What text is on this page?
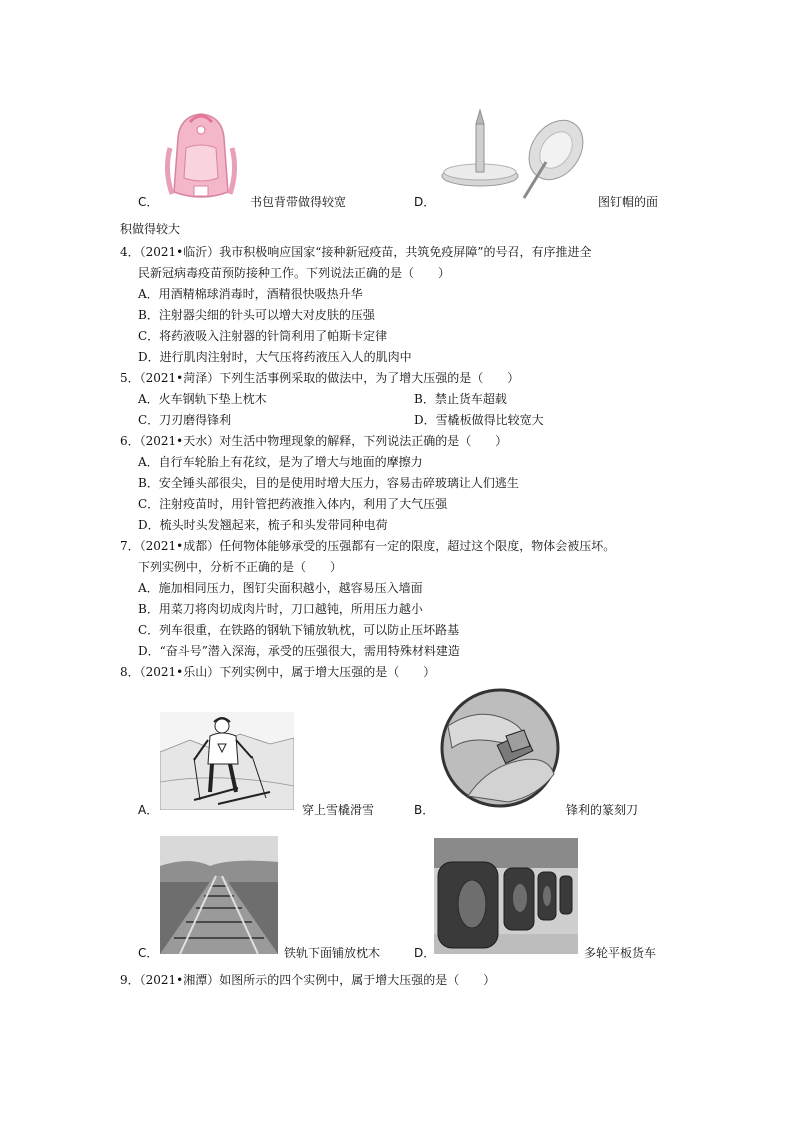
C．	书包背带做得较宽	D．	图钉帽的面
积做得较大
4．（2021•临沂）我市积极响应国家“接种新冠疫苗，共筑免疫屏障”的号召，有序推进全
民新冠病毒疫苗预防接种工作。下列说法正确的是（　　）
A．用酒精棉球消毒时，酒精很快吸热升华
B．注射器尖细的针头可以增大对皮肤的压强
C．将药液吸入注射器的针筒利用了帕斯卡定律
D．进行肌肉注射时，大气压将药液压入人的肌肉中
5．（2021•菏泽）下列生活事例采取的做法中，为了增大压强的是（　　）
A．火车钢轨下垫上枕木	B．禁止货车超载
C．刀刃磨得锋利	D．雪橇板做得比较宽大
6．（2021•天水）对生活中物理现象的解释，下列说法正确的是（　　）
A．自行车轮胎上有花纹，是为了增大与地面的摩擦力
B．安全锤头部很尖，目的是使用时增大压力，容易击碎玻璃让人们逃生
C．注射疫苗时，用针管把药液推入体内，利用了大气压强
D．梳头时头发翘起来，梳子和头发带同种电荷
7．（2021•成都）任何物体能够承受的压强都有一定的限度，超过这个限度，物体会被压坏。
下列实例中，分析不正确的是（　　）
A．施加相同压力，图钉尖面积越小，越容易压入墙面
B．用菜刀将肉切成肉片时，刀口越钝，所用压力越小
C．列车很重，在铁路的钢轨下铺放轨枕，可以防止压坏路基
D．“奋斗号”潜入深海，承受的压强很大，需用特殊材料建造
8．（2021•乐山）下列实例中，属于增大压强的是（　　）
A．	穿上雪橇滑雪	B．	锋利的篆刻刀
C．	铁轨下面铺放枕木	D．	多轮平板货车
9．（2021•湘潭）如图所示的四个实例中，属于增大压强的是（　　）
